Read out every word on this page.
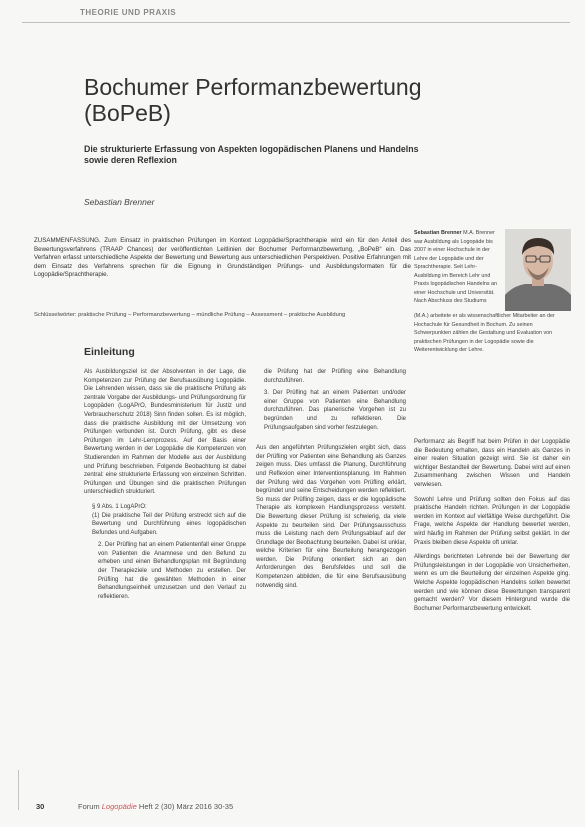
THEORIE UND PRAXIS
Bochumer Performanzbewertung
(BoPeB)
Die strukturierte Erfassung von Aspekten logopädischen Planens und Handelns sowie deren Reflexion
Sebastian Brenner
ZUSAMMENFASSUNG. Zum Einsatz in praktischen Prüfungen im Kontext Logopädie/Sprachtherapie wird ein für den Anteil des Bewertungsverfahrens (TRAAP Chances) der veröffentlichten Leitlinien der Bochumer Performanzbewertung, „BoPeB“ ein. Das Verfahren erfasst unterschiedliche Aspekte der Bewertung und Bewertung aus unterschiedlichen Perspektiven. Positive Erfahrungen mit dem Einsatz des Verfahrens sprechen für die Eignung in Grundständigen Prüfungs- und Ausbildungsformaten für die Logopädie/Sprachtherapie.
Schlüsselwörter: praktische Prüfung – Performanzbewertung – mündliche Prüfung – Assessment – praktische Ausbildung
Sebastian Brenner M.A. Brenner war Ausbildung als Logopäde bis 2007 in einer Hochschule in der Lehre der Logopädie und der Sprachtherapie. Seit Lehr-Ausbildung im Bereich Lehr und Praxis logopädischen Handelns an einer Hochschule und Universität. Nach Abschluss des Studiums
(M.A.) arbeitete er als wissenschaftlicher Mitarbeiter an der Hochschule für Gesundheit in Bochum. Zu seinen Schwerpunkten zählen die Gestaltung und Evaluation von praktischen Prüfungen in der Logopädie sowie die Weiterentwicklung der Lehre.
Einleitung

Als Ausbildungsziel ist der Absolventen in der Lage, die Kompetenzen zur Prüfung der Berufsausübung Logopädie. Die Lehrenden wissen, dass sie die praktische Prüfung als zentrale Vorgabe der Ausbildungs- und Prüfungsordnung für Logopäden (LogAPrO, Bundesministerium für Justiz und Verbraucherschutz 2018) Sinn finden sollen. Es ist möglich, dass die praktische Ausbildung mit der Umsetzung von Prüfungen verbunden ist. Durch Prüfung, gibt es diese Prüfungen im Lehr-Lernprozess. Auf der Basis einer Bewertung werden in der Logopädie die Kompetenzen von Studierenden im Rahmen der Modelle aus der Ausbildung und Prüfung beschrieben. Folgende Beobachtung ist dabei zentral: eine strukturierte Erfassung von einzelnen Schritten. Prüfungen und Übungen sind die praktischen Prüfungen unterschiedlich strukturiert.

§ 9 Abs. 1 LogAPrO:

(1) Die praktische Teil der Prüfung erstreckt sich auf die Bewertung und Durchführung eines logopädischen Befundes und Aufgaben.

2. Der Prüfling hat an einem Patientenfall einer Gruppe von Patienten die Anamnese und den Befund zu erheben und einen Behandlungsplan mit Begründung der Therapieziele und Methoden zu erstellen. Der Prüfling hat die gewählten Methoden in einer Behandlungseinheit umzusetzen und den Verlauf zu reflektieren.

die Prüfung hat der Prüfling eine Behandlung durchzuführen.

3. Der Prüfling hat an einem Patienten und/oder einer Gruppe von Patienten eine Behandlung durchzuführen. Das planerische Vorgehen ist zu begründen und zu reflektieren. Die Prüfungsaufgaben sind vorher festzulegen.

Aus den angeführten Prüfungszielen ergibt sich, dass der Prüfling vor Patienten eine Behandlung als Ganzes zeigen muss. Dies umfasst die Planung, Durchführung und Reflexion einer Interventionsplanung. Im Rahmen der Prüfung wird das Vorgehen vom Prüfling erklärt, begründet und seine Entscheidungen werden reflektiert. So muss der Prüfling zeigen, dass er die logopädische Therapie als komplexen Handlungsprozess versteht. Die Bewertung dieser Prüfung ist schwierig, da viele Aspekte zu beurteilen sind. Der Prüfungsausschuss muss die Leistung nach dem Prüfungsablauf auf der Grundlage der Beobachtung beurteilen. Dabei ist unklar, welche Kriterien für eine Beurteilung herangezogen werden. Die Prüfung orientiert sich an den Anforderungen des Berufsfeldes und soll die Kompetenzen abbilden, die für eine Berufsausübung notwendig sind.

Performanz als Begriff hat beim Prüfen in der Logopädie die Bedeutung erhalten, dass ein Handeln als Ganzes in einer realen Situation gezeigt wird. Sie ist daher ein wichtiger Bestandteil der Bewertung. Dabei wird auf einen Zusammenhang zwischen Wissen und Handeln verwiesen.

Sowohl Lehre und Prüfung sollten den Fokus auf das praktische Handeln richten. Prüfungen in der Logopädie werden im Kontext auf vielfältige Weise durchgeführt. Die Frage, welche Aspekte der Handlung bewertet werden, wird häufig im Rahmen der Prüfung selbst geklärt. In der Praxis bleiben diese Aspekte oft unklar.

Allerdings berichteten Lehrende bei der Bewertung der Prüfungsleistungen in der Logopädie von Unsicherheiten, wenn es um die Beurteilung der einzelnen Aspekte ging. Welche Aspekte logopädischen Handelns sollen bewertet werden und wie können diese Bewertungen transparent gemacht werden? Vor diesem Hintergrund wurde die Bochumer Performanzbewertung entwickelt.

30	Forum Logopädie Heft 2 (30) März 2016 30-35
